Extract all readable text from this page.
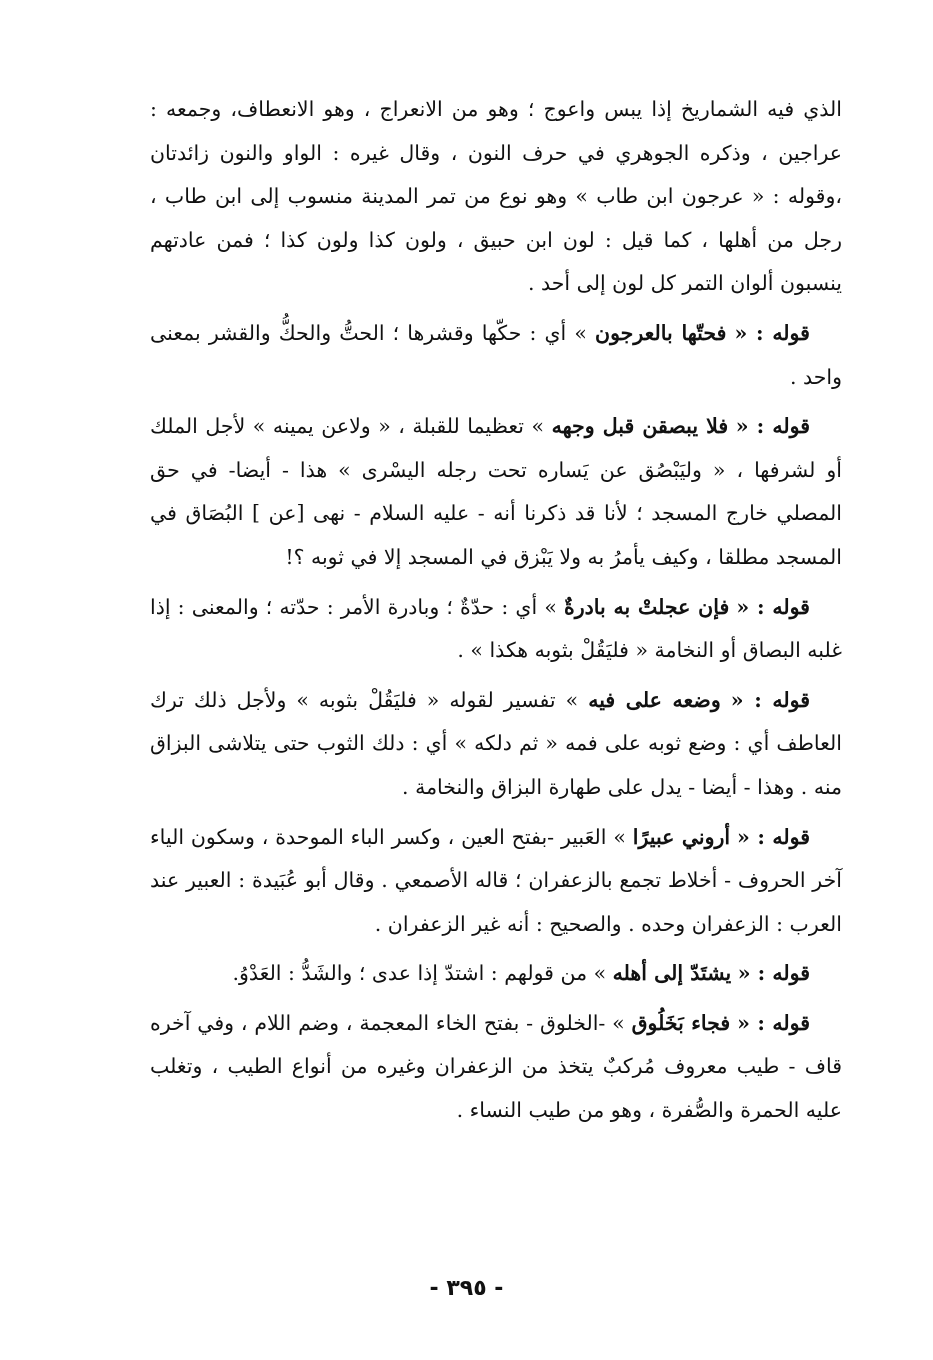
الذي فيه الشماريخ إذا يبس واعوج ؛ وهو من الانعراج ، وهو الانعطاف، وجمعه : عراجين ، وذكره الجوهري في حرف النون ، وقال غيره : الواو والنون زائدتان ،وقوله : « عرجون ابن طاب » وهو نوع من تمر المدينة منسوب إلى ابن طاب ، رجل من أهلها ، كما قيل : لون ابن حبيق ، ولون كذا ولون كذا ؛ فمن عادتهم ينسبون ألوان التمر كل لون إلى أحد .

قوله : « فحتّها بالعرجون » أي : حكّها وقشرها ؛ الحتُّ والحكُّ والقشر بمعنى واحد .

قوله : « فلا يبصقن قبل وجهه » تعظيما للقبلة ، « ولاعن يمينه » لأجل الملك أو لشرفها ، « وليَبْصُق عن يَساره تحت رجله اليسْرى » هذا - أيضا- في حق المصلي خارج المسجد ؛ لأنا قد ذكرنا أنه - عليه السلام - نهى [عن ] البُصَاق في المسجد مطلقا ، وكيف يأمرُ به ولا يَبْزق في المسجد إلا في ثوبه ؟!

قوله : « فإن عجلتْ به بادرةٌ » أي : حدّةٌ ؛ وبادرة الأمر : حدّته ؛ والمعنى : إذا غلبه البصاق أو النخامة « فليَقُلْ بثوبه هكذا » .

قوله : « وضعه على فيه » تفسير لقوله « فليَقُلْ بثوبه » ولأجل ذلك ترك العاطف أي : وضع ثوبه على فمه « ثم دلكه » أي : دلك الثوب حتى يتلاشى البزاق منه . وهذا - أيضا - يدل على طهارة البزاق والنخامة .

قوله : « أروني عبيرًا » العَبير -بفتح العين ، وكسر الباء الموحدة ، وسكون الياء آخر الحروف - أخلاط تجمع بالزعفران ؛ قاله الأصمعي . وقال أبو عُبَيدة : العبير عند العرب : الزعفران وحده . والصحيح : أنه غير الزعفران .

قوله : « يشتَدّ إلى أهله » من قولهم : اشتدّ إذا عدى ؛ والشَدُّ : العَدْوُ.

قوله : « فجاء بَخَلُوق » -الخلوق - بفتح الخاء المعجمة ، وضم اللام ، وفي آخره قاف - طيب معروف مُركبٌ يتخذ من الزعفران وغيره من أنواع الطيب ، وتغلب عليه الحمرة والصُّفرة ، وهو من طيب النساء .

- ٣٩٥ -
